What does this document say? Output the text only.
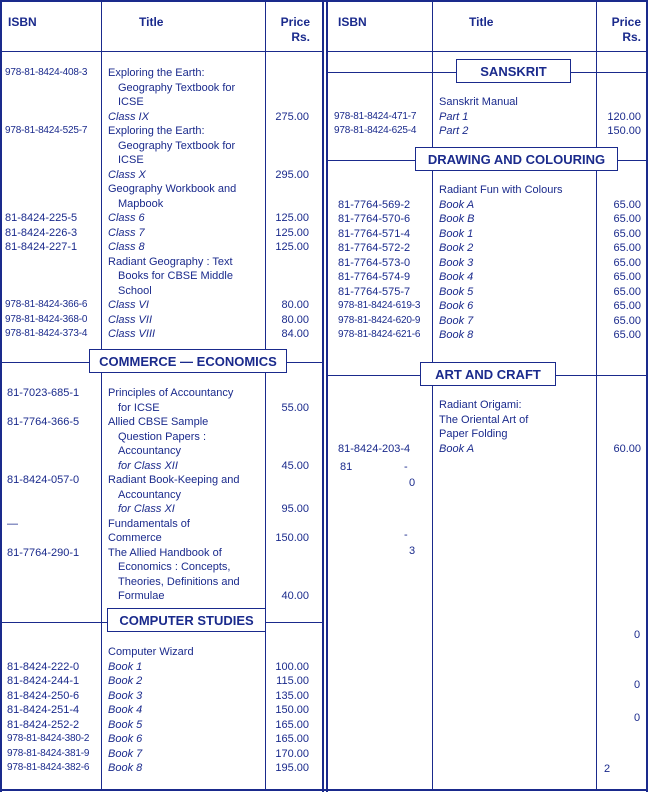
ISBN	Title	Price
Rs.
ISBN	Title	Price
Rs.
COMMERCE — ECONOMICS
COMPUTER STUDIES
SANSKRIT
DRAWING AND COLOURING
ART AND CRAFT
81	-
0
-
3
0
0
0
2
978-81-8424-408-3 Exploring the Earth:
Geography Textbook for
ICSE
Class IX	275.00
978-81-8424-525-7 Exploring the Earth:
Geography Textbook for
ICSE
Class X	295.00
Geography Workbook and
Mapbook
81-8424-225-5	Class 6	125.00
81-8424-226-3	Class 7	125.00
81-8424-227-1	Class 8	125.00
Radiant Geography : Text
Books for CBSE Middle
School
978-81-8424-366-6 Class VI	80.00
978-81-8424-368-0 Class VII	80.00
978-81-8424-373-4 Class VIII	84.00
81-7023-685-1	Principles of Accountancy
for ICSE	55.00
81-7764-366-5	Allied CBSE Sample
Question Papers :
Accountancy
for Class XII	45.00
81-8424-057-0	Radiant Book-Keeping and
Accountancy
for Class XI	95.00
—	Fundamentals of
Commerce	150.00
81-7764-290-1	The Allied Handbook of
Economics : Concepts,
Theories, Definitions and
Formulae	40.00
Computer Wizard
81-8424-222-0	Book 1	100.00
81-8424-244-1	Book 2	115.00
81-8424-250-6	Book 3	135.00
81-8424-251-4	Book 4	150.00
81-8424-252-2	Book 5	165.00
978-81-8424-380-2 Book 6	165.00
978-81-8424-381-9 Book 7	170.00
978-81-8424-382-6 Book 8	195.00
Sanskrit Manual
978-81-8424-471-7 Part 1	120.00
978-81-8424-625-4 Part 2	150.00
Radiant Fun with Colours
81-7764-569-2	Book A	65.00
81-7764-570-6	Book B	65.00
81-7764-571-4	Book 1	65.00
81-7764-572-2	Book 2	65.00
81-7764-573-0	Book 3	65.00
81-7764-574-9	Book 4	65.00
81-7764-575-7	Book 5	65.00
978-81-8424-619-3 Book 6	65.00
978-81-8424-620-9 Book 7	65.00
978-81-8424-621-6 Book 8	65.00
Radiant Origami:
The Oriental Art of
Paper Folding
81-8424-203-4	Book A	60.00
